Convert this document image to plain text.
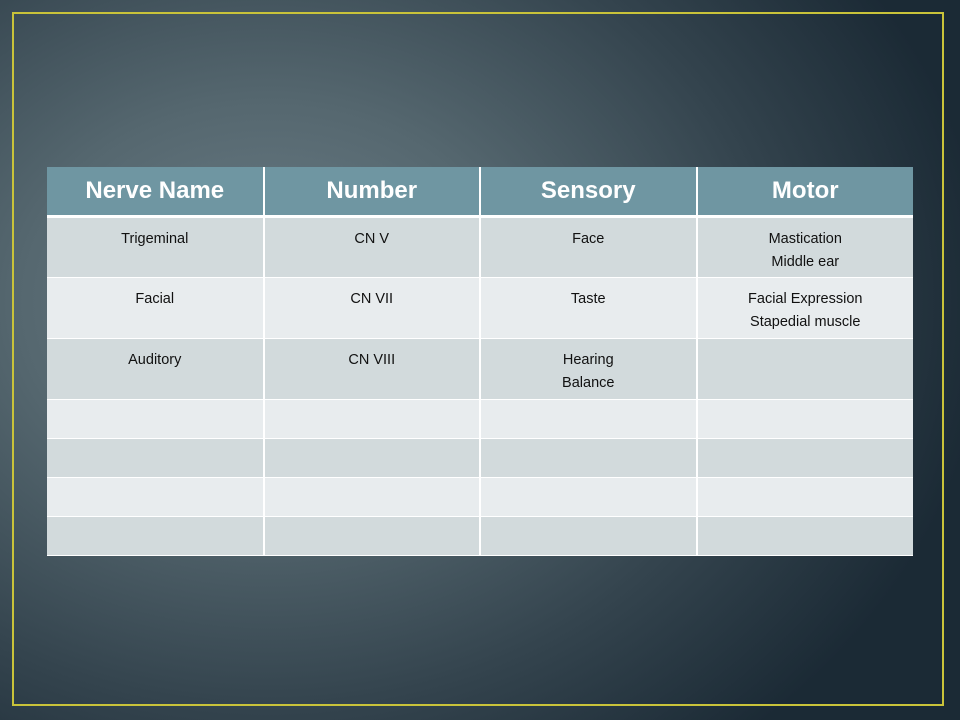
Nerve Name	Number	Sensory	Motor

Trigeminal	CN V	Face	Mastication
Middle ear

Facial	CN VII	Taste	Facial Expression
Stapedial muscle

Auditory	CN VIII	Hearing
Balance	
